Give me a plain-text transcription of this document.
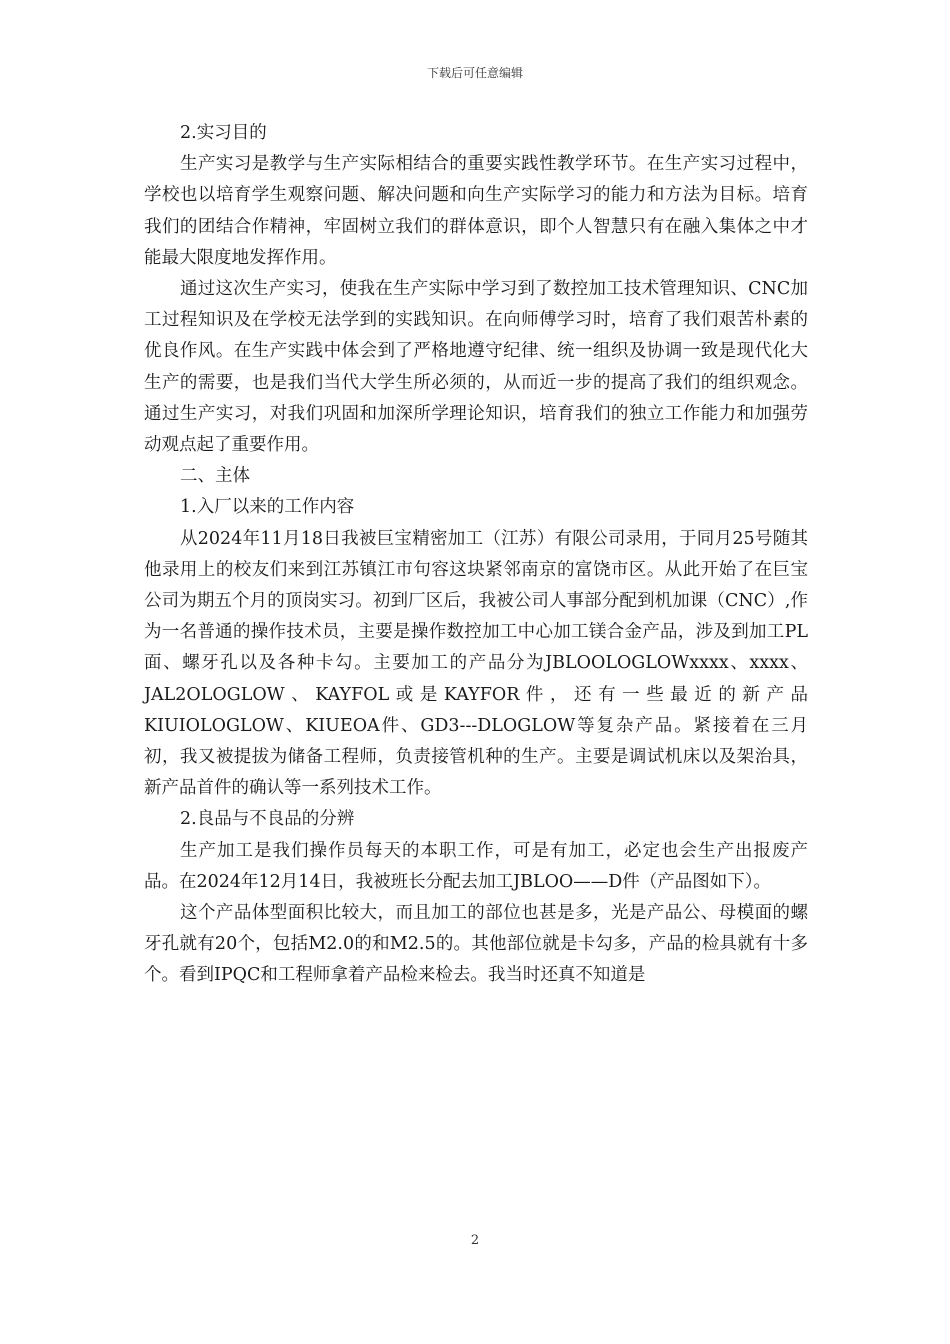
下载后可任意编辑

2.实习目的

生产实习是教学与生产实际相结合的重要实践性教学环节。在生产实习过程中，学校也以培育学生观察问题、解决问题和向生产实际学习的能力和方法为目标。培育我们的团结合作精神，牢固树立我们的群体意识，即个人智慧只有在融入集体之中才能最大限度地发挥作用。

通过这次生产实习，使我在生产实际中学习到了数控加工技术管理知识、CNC加工过程知识及在学校无法学到的实践知识。在向师傅学习时，培育了我们艰苦朴素的优良作风。在生产实践中体会到了严格地遵守纪律、统一组织及协调一致是现代化大生产的需要，也是我们当代大学生所必须的，从而近一步的提高了我们的组织观念。通过生产实习，对我们巩固和加深所学理论知识，培育我们的独立工作能力和加强劳动观点起了重要作用。

二、主体

1.入厂以来的工作内容

从2024年11月18日我被巨宝精密加工（江苏）有限公司录用，于同月25号随其他录用上的校友们来到江苏镇江市句容这块紧邻南京的富饶市区。从此开始了在巨宝公司为期五个月的顶岗实习。初到厂区后，我被公司人事部分配到机加课（CNC）,作为一名普通的操作技术员，主要是操作数控加工中心加工镁合金产品，涉及到加工PL面、螺牙孔以及各种卡勾。主要加工的产品分为JBLOOLOGLOWxxxx、xxxx、JAL2OLOGLOW、KAYFOL或是KAYFOR件，还有一些最近的新产品KIUIOLOGLOW、KIUEOA件、GD3---DLOGLOW等复杂产品。紧接着在三月初，我又被提拔为储备工程师，负责接管机种的生产。主要是调试机床以及架治具，新产品首件的确认等一系列技术工作。

2.良品与不良品的分辨

生产加工是我们操作员每天的本职工作，可是有加工，必定也会生产出报废产品。在2024年12月14日，我被班长分配去加工JBLOO——D件（产品图如下）。

这个产品体型面积比较大，而且加工的部位也甚是多，光是产品公、母模面的螺牙孔就有20个，包括M2.0的和M2.5的。其他部位就是卡勾多，产品的检具就有十多个。看到IPQC和工程师拿着产品检来检去。我当时还真不知道是

2
